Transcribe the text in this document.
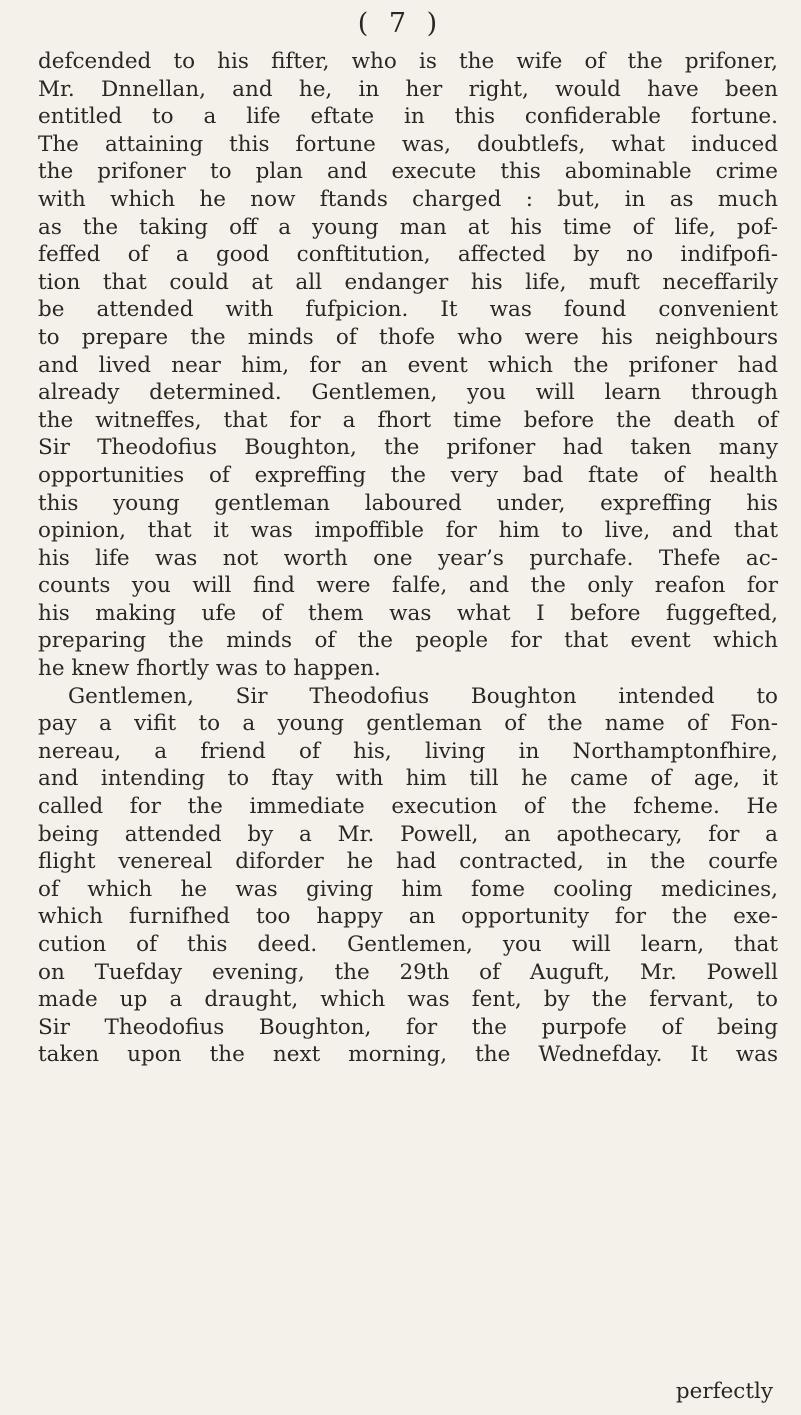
( 7 )
defcended to his fifter, who is the wife of the prifoner,
Mr. Dnnellan, and he, in her right, would have been
entitled to a life eftate in this confiderable fortune.
The attaining this fortune was, doubtlefs, what induced
the prifoner to plan and execute this abominable crime
with which he now ftands charged : but, in as much
as the taking off a young man at his time of life, pof-
feffed of a good conftitution, affected by no indifpofi-
tion that could at all endanger his life, muft neceffarily
be attended with fufpicion. It was found convenient
to prepare the minds of thofe who were his neighbours
and lived near him, for an event which the prifoner had
already determined. Gentlemen, you will learn through
the witneffes, that for a fhort time before the death of
Sir Theodofius Boughton, the prifoner had taken many
opportunities of expreffing the very bad ftate of health
this young gentleman laboured under, expreffing his
opinion, that it was impoffible for him to live, and that
his life was not worth one year’s purchafe. Thefe ac-
counts you will find were falfe, and the only reafon for
his making ufe of them was what I before fuggefted,
preparing the minds of the people for that event which
he knew fhortly was to happen.
Gentlemen, Sir Theodofius Boughton intended to
pay a vifit to a young gentleman of the name of Fon-
nereau, a friend of his, living in Northamptonfhire,
and intending to ftay with him till he came of age, it
called for the immediate execution of the fcheme. He
being attended by a Mr. Powell, an apothecary, for a
flight venereal diforder he had contracted, in the courfe
of which he was giving him fome cooling medicines,
which furnifhed too happy an opportunity for the exe-
cution of this deed. Gentlemen, you will learn, that
on Tuefday evening, the 29th of Auguft, Mr. Powell
made up a draught, which was fent, by the fervant, to
Sir Theodofius Boughton, for the purpofe of being
taken upon the next morning, the Wednefday. It was
perfectly
